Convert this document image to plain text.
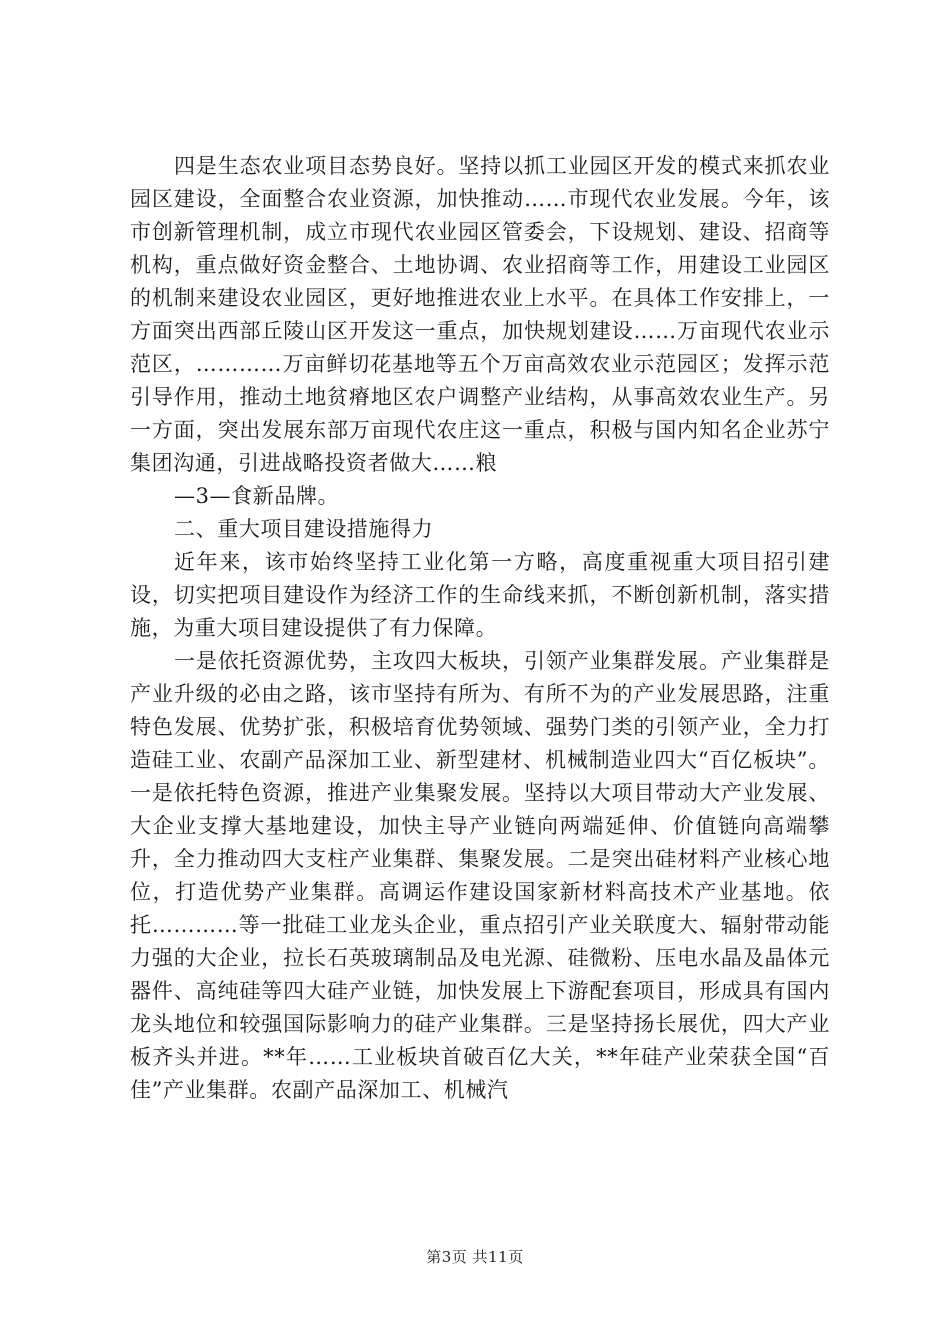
四是生态农业项目态势良好。坚持以抓工业园区开发的模式来抓农业园区建设，全面整合农业资源，加快推动……市现代农业发展。今年，该市创新管理机制，成立市现代农业园区管委会，下设规划、建设、招商等机构，重点做好资金整合、土地协调、农业招商等工作，用建设工业园区的机制来建设农业园区，更好地推进农业上水平。在具体工作安排上，一方面突出西部丘陵山区开发这一重点，加快规划建设……万亩现代农业示范区，…………万亩鲜切花基地等五个万亩高效农业示范园区；发挥示范引导作用，推动土地贫瘠地区农户调整产业结构，从事高效农业生产。另一方面，突出发展东部万亩现代农庄这一重点，积极与国内知名企业苏宁集团沟通，引进战略投资者做大……粮

—3—食新品牌。

二、重大项目建设措施得力

近年来，该市始终坚持工业化第一方略，高度重视重大项目招引建设，切实把项目建设作为经济工作的生命线来抓，不断创新机制，落实措施，为重大项目建设提供了有力保障。

一是依托资源优势，主攻四大板块，引领产业集群发展。产业集群是产业升级的必由之路，该市坚持有所为、有所不为的产业发展思路，注重特色发展、优势扩张，积极培育优势领域、强势门类的引领产业，全力打造硅工业、农副产品深加工业、新型建材、机械制造业四大“百亿板块”。一是依托特色资源，推进产业集聚发展。坚持以大项目带动大产业发展、大企业支撑大基地建设，加快主导产业链向两端延伸、价值链向高端攀升，全力推动四大支柱产业集群、集聚发展。二是突出硅材料产业核心地位，打造优势产业集群。高调运作建设国家新材料高技术产业基地。依托…………等一批硅工业龙头企业，重点招引产业关联度大、辐射带动能力强的大企业，拉长石英玻璃制品及电光源、硅微粉、压电水晶及晶体元器件、高纯硅等四大硅产业链，加快发展上下游配套项目，形成具有国内龙头地位和较强国际影响力的硅产业集群。三是坚持扬长展优，四大产业板齐头并进。**年……工业板块首破百亿大关，**年硅产业荣获全国“百佳”产业集群。农副产品深加工、机械汽

第3页 共11页
